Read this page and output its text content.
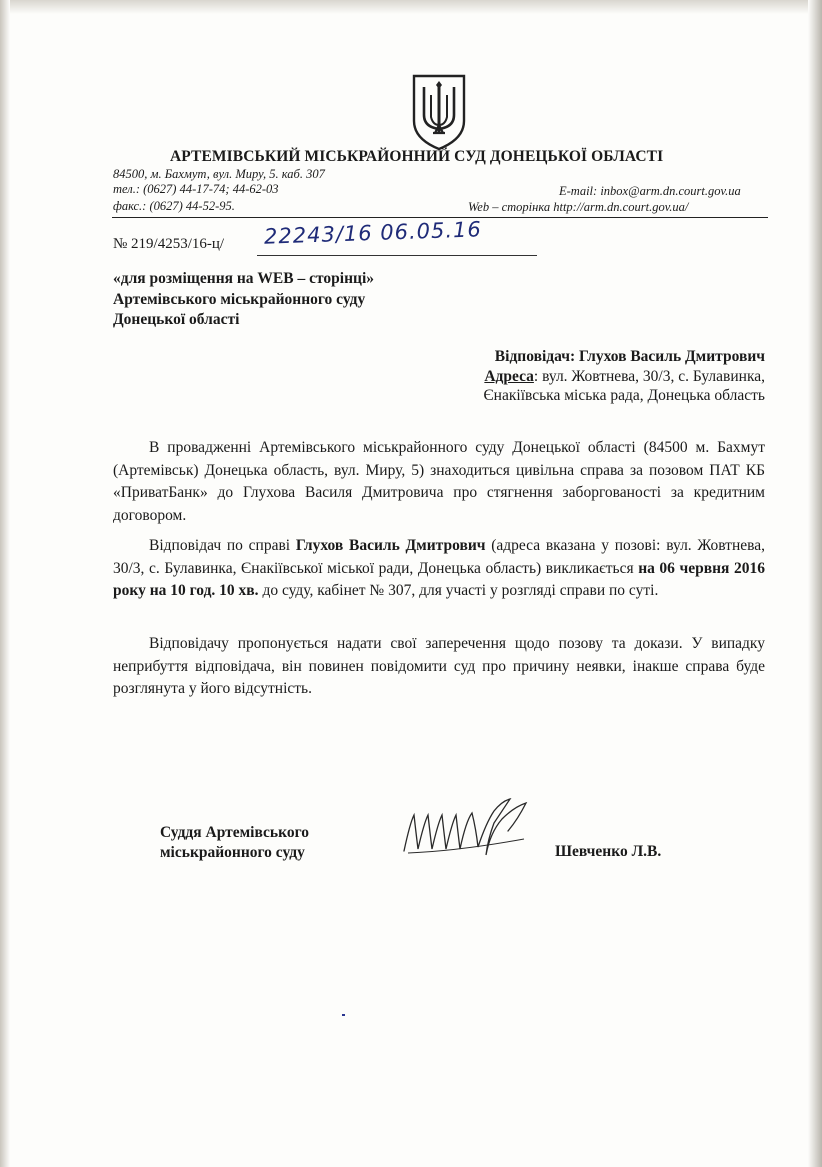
АРТЕМІВСЬКИЙ МІСЬКРАЙОННИЙ СУД ДОНЕЦЬКОЇ ОБЛАСТІ
84500, м. Бахмут, вул. Миру, 5. каб. 307
тел.: (0627) 44-17-74; 44-62-03
факс.: (0627) 44-52-95.
E-mail: inbox@arm.dn.court.gov.ua
Web – сторінка http://arm.dn.court.gov.ua/
№ 219/4253/16-ц/ 22243/16 06.05.16
«для розміщення на WEB – сторінці»
Артемівського міськрайонного суду
Донецької області
Відповідач: Глухов Василь Дмитрович
Адреса: вул. Жовтнева, 30/3, с. Булавинка,
Єнакіївська міська рада, Донецька область

В провадженні Артемівського міськрайонного суду Донецької області (84500 м. Бахмут (Артемівськ) Донецька область, вул. Миру, 5) знаходиться цивільна справа за позовом ПАТ КБ «ПриватБанк» до Глухова Василя Дмитровича про стягнення заборгованості за кредитним договором.

Відповідач по справі Глухов Василь Дмитрович (адреса вказана у позові: вул. Жовтнева, 30/3, с. Булавинка, Єнакіївської міської ради, Донецька область) викликається на 06 червня 2016 року на 10 год. 10 хв. до суду, кабінет № 307, для участі у розгляді справи по суті.

Відповідачу пропонується надати свої заперечення щодо позову та докази. У випадку неприбуття відповідача, він повинен повідомити суд про причину неявки, інакше справа буде розглянута у його відсутність.

Суддя Артемівського
міськрайонного суду	Шевченко Л.В.
